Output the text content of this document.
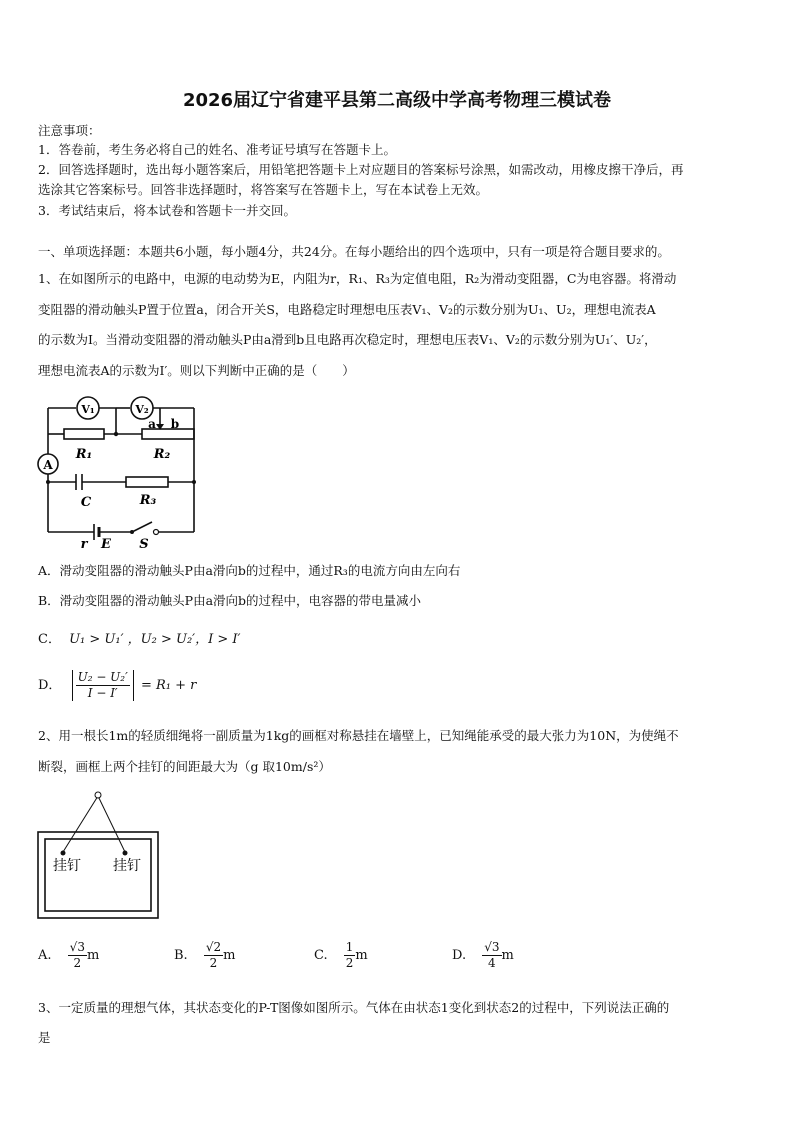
2026届辽宁省建平县第二高级中学高考物理三模试卷
注意事项：
1．答卷前，考生务必将自己的姓名、准考证号填写在答题卡上。
2．回答选择题时，选出每小题答案后，用铅笔把答题卡上对应题目的答案标号涂黑，如需改动，用橡皮擦干净后，再
选涂其它答案标号。回答非选择题时，将答案写在答题卡上，写在本试卷上无效。
3．考试结束后，将本试卷和答题卡一并交回。
一、单项选择题：本题共6小题，每小题4分，共24分。在每小题给出的四个选项中，只有一项是符合题目要求的。
1、在如图所示的电路中，电源的电动势为E，内阻为r，R₁、R₃为定值电阻，R₂为滑动变阻器，C为电容器。将滑动
变阻器的滑动触头P置于位置a，闭合开关S，电路稳定时理想电压表V₁、V₂的示数分别为U₁、U₂，理想电流表A
的示数为I。当滑动变阻器的滑动触头P由a滑到b且电路再次稳定时，理想电压表V₁、V₂的示数分别为U₁′、U₂′，
理想电流表A的示数为I′。则以下判断中正确的是（　　）
A
V₁	V₂
a b
R₁	R₂
C	R₃
r E S
A．滑动变阻器的滑动触头P由a滑向b的过程中，通过R₃的电流方向由左向右
B．滑动变阻器的滑动触头P由a滑向b的过程中，电容器的带电量减小
C． U₁ > U₁′ ，U₂ > U₂′，I > I′
D． $\frac{\text{U₂ − U₂′}}{I - I'} = R_1 + r$
2、用一根长1m的轻质细绳将一副质量为1kg的画框对称悬挂在墙壁上，已知绳能承受的最大张力为10N，为使绳不
断裂，画框上两个挂钉的间距最大为（g 取10m/s²）
挂钉 挂钉
A. $\frac{√3}{2}$ m	B. $\frac{√2}{2}$ m	C. $\frac{1}{2}$ m	D. $\frac{√3}{4}$ m
3、一定质量的理想气体，其状态变化的P-T图像如图所示。气体在由状态1变化到状态2的过程中，下列说法正确的
是
